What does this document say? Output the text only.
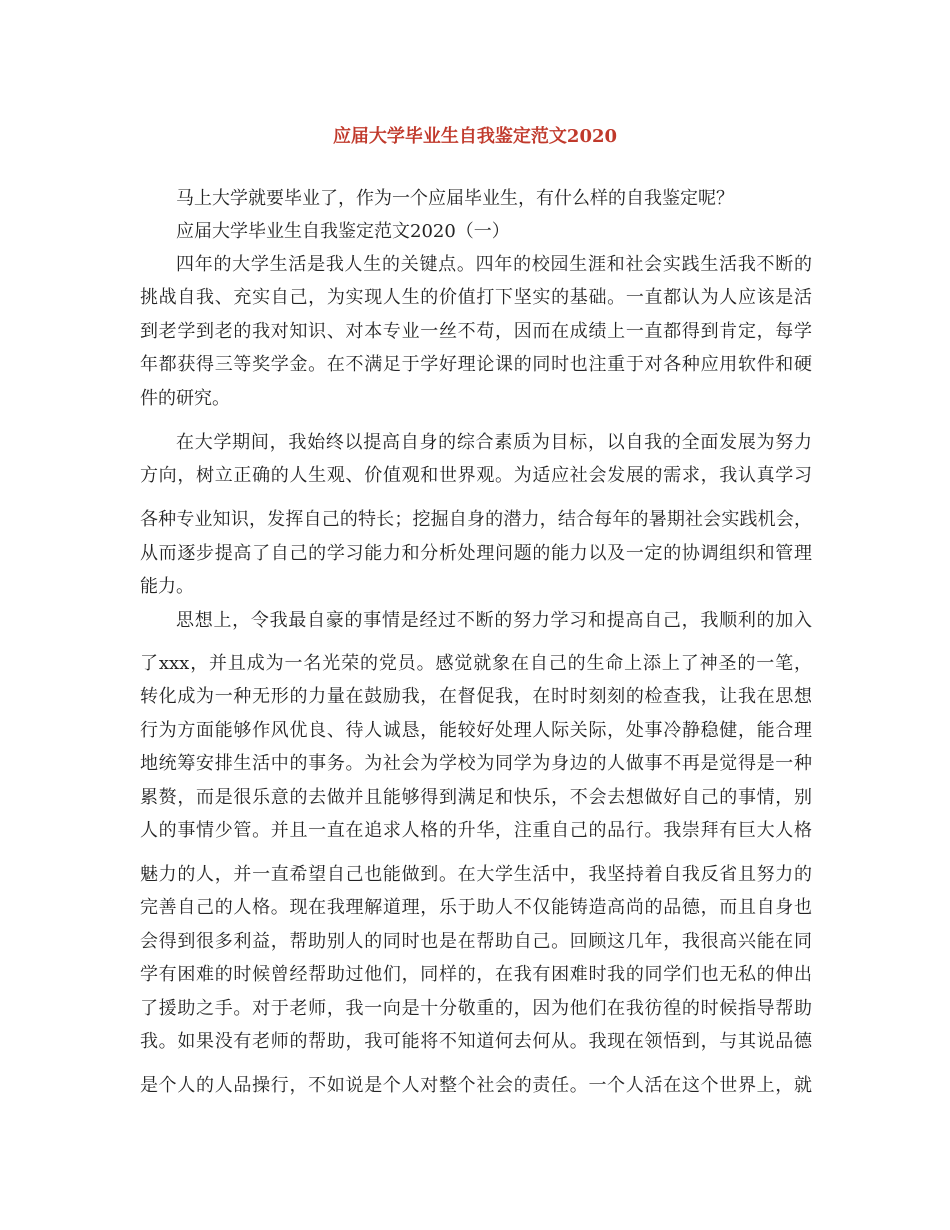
应届大学毕业生自我鉴定范文2020

马上大学就要毕业了，作为一个应届毕业生，有什么样的自我鉴定呢？

应届大学毕业生自我鉴定范文2020（一）

四年的大学生活是我人生的关键点。四年的校园生涯和社会实践生活我不断的

挑战自我、充实自己，为实现人生的价值打下坚实的基础。一直都认为人应该是活

到老学到老的我对知识、对本专业一丝不苟，因而在成绩上一直都得到肯定，每学

年都获得三等奖学金。在不满足于学好理论课的同时也注重于对各种应用软件和硬

件的研究。

在大学期间，我始终以提高自身的综合素质为目标，以自我的全面发展为努力

方向，树立正确的人生观、价值观和世界观。为适应社会发展的需求，我认真学习

各种专业知识，发挥自己的特长；挖掘自身的潜力，结合每年的暑期社会实践机会，

从而逐步提高了自己的学习能力和分析处理问题的能力以及一定的协调组织和管理

能力。

思想上，令我最自豪的事情是经过不断的努力学习和提高自己，我顺利的加入

了xxx，并且成为一名光荣的党员。感觉就象在自己的生命上添上了神圣的一笔，

转化成为一种无形的力量在鼓励我，在督促我，在时时刻刻的检查我，让我在思想

行为方面能够作风优良、待人诚恳，能较好处理人际关际，处事冷静稳健，能合理

地统筹安排生活中的事务。为社会为学校为同学为身边的人做事不再是觉得是一种

累赘，而是很乐意的去做并且能够得到满足和快乐，不会去想做好自己的事情，别

人的事情少管。并且一直在追求人格的升华，注重自己的品行。我崇拜有巨大人格

魅力的人，并一直希望自己也能做到。在大学生活中，我坚持着自我反省且努力的

完善自己的人格。现在我理解道理，乐于助人不仅能铸造高尚的品德，而且自身也

会得到很多利益，帮助别人的同时也是在帮助自己。回顾这几年，我很高兴能在同

学有困难的时候曾经帮助过他们，同样的，在我有困难时我的同学们也无私的伸出

了援助之手。对于老师，我一向是十分敬重的，因为他们在我彷徨的时候指导帮助

我。如果没有老师的帮助，我可能将不知道何去何从。我现在领悟到，与其说品德

是个人的人品操行，不如说是个人对整个社会的责任。一个人活在这个世界上，就
